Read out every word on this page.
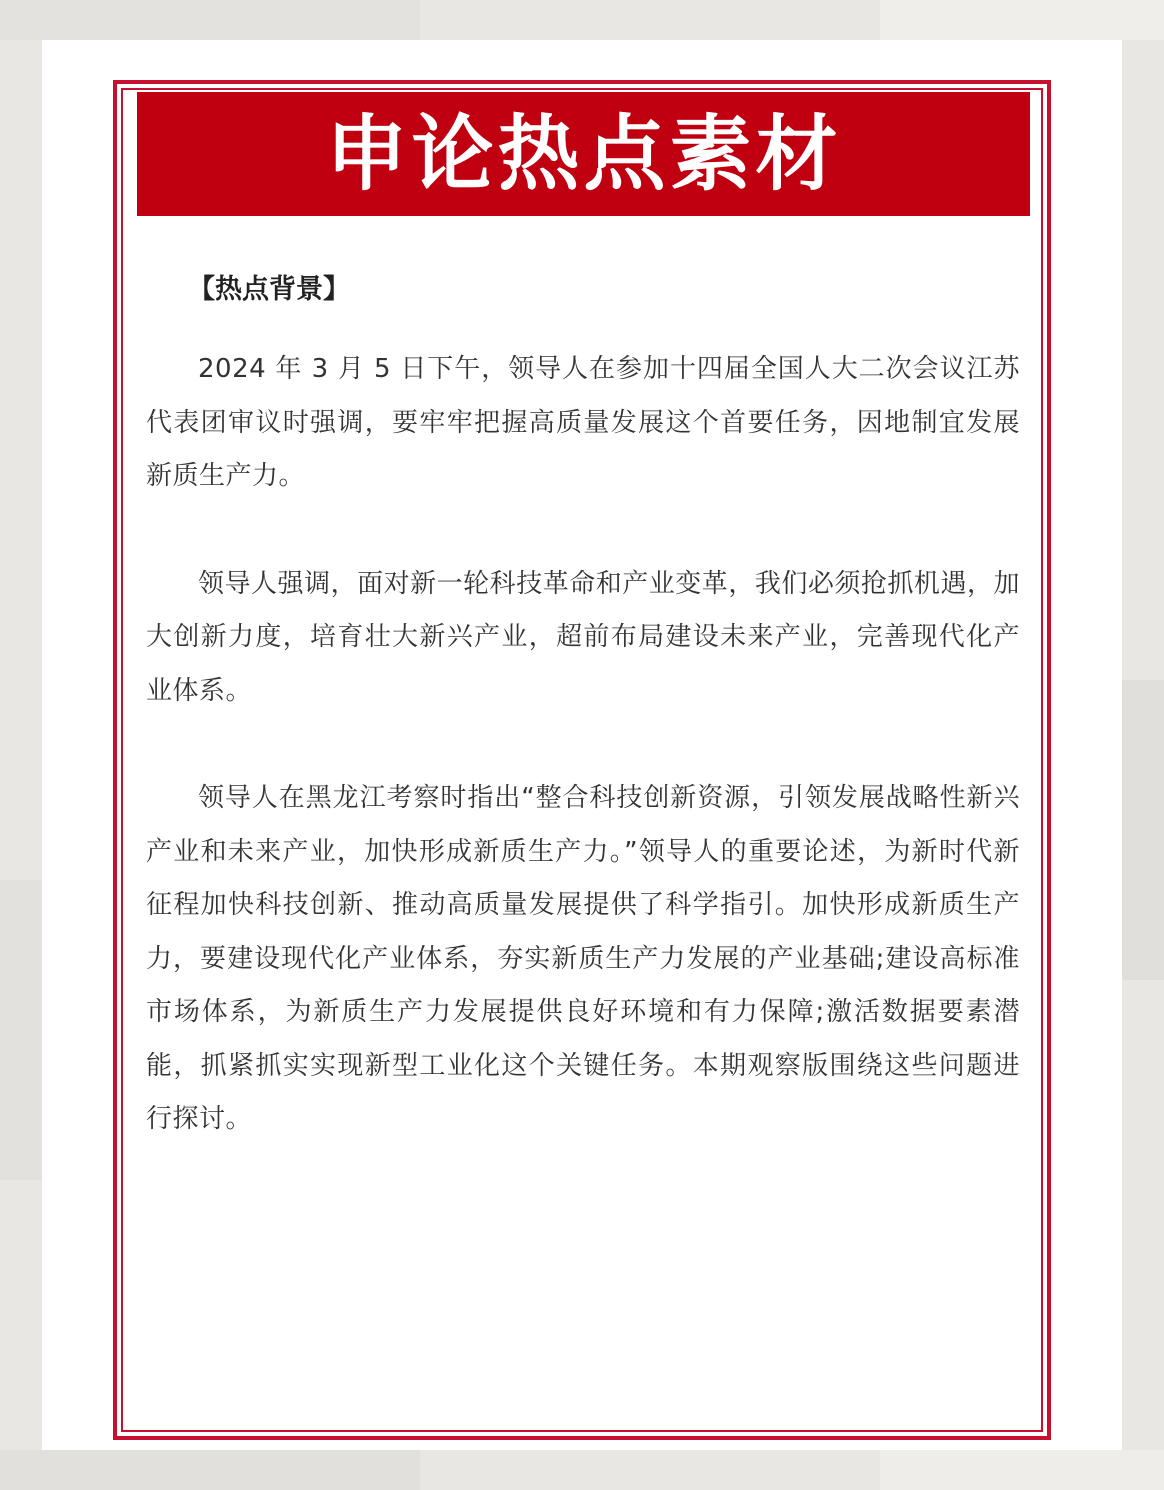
申论热点素材
【热点背景】

2024 年 3 月 5 日下午，领导人在参加十四届全国人大二次会议江苏代表团审议时强调，要牢牢把握高质量发展这个首要任务，因地制宜发展新质生产力。

领导人强调，面对新一轮科技革命和产业变革，我们必须抢抓机遇，加大创新力度，培育壮大新兴产业，超前布局建设未来产业，完善现代化产业体系。

领导人在黑龙江考察时指出“整合科技创新资源，引领发展战略性新兴产业和未来产业，加快形成新质生产力。”领导人的重要论述，为新时代新征程加快科技创新、推动高质量发展提供了科学指引。加快形成新质生产力，要建设现代化产业体系，夯实新质生产力发展的产业基础;建设高标准市场体系，为新质生产力发展提供良好环境和有力保障;激活数据要素潜能，抓紧抓实实现新型工业化这个关键任务。本期观察版围绕这些问题进行探讨。
